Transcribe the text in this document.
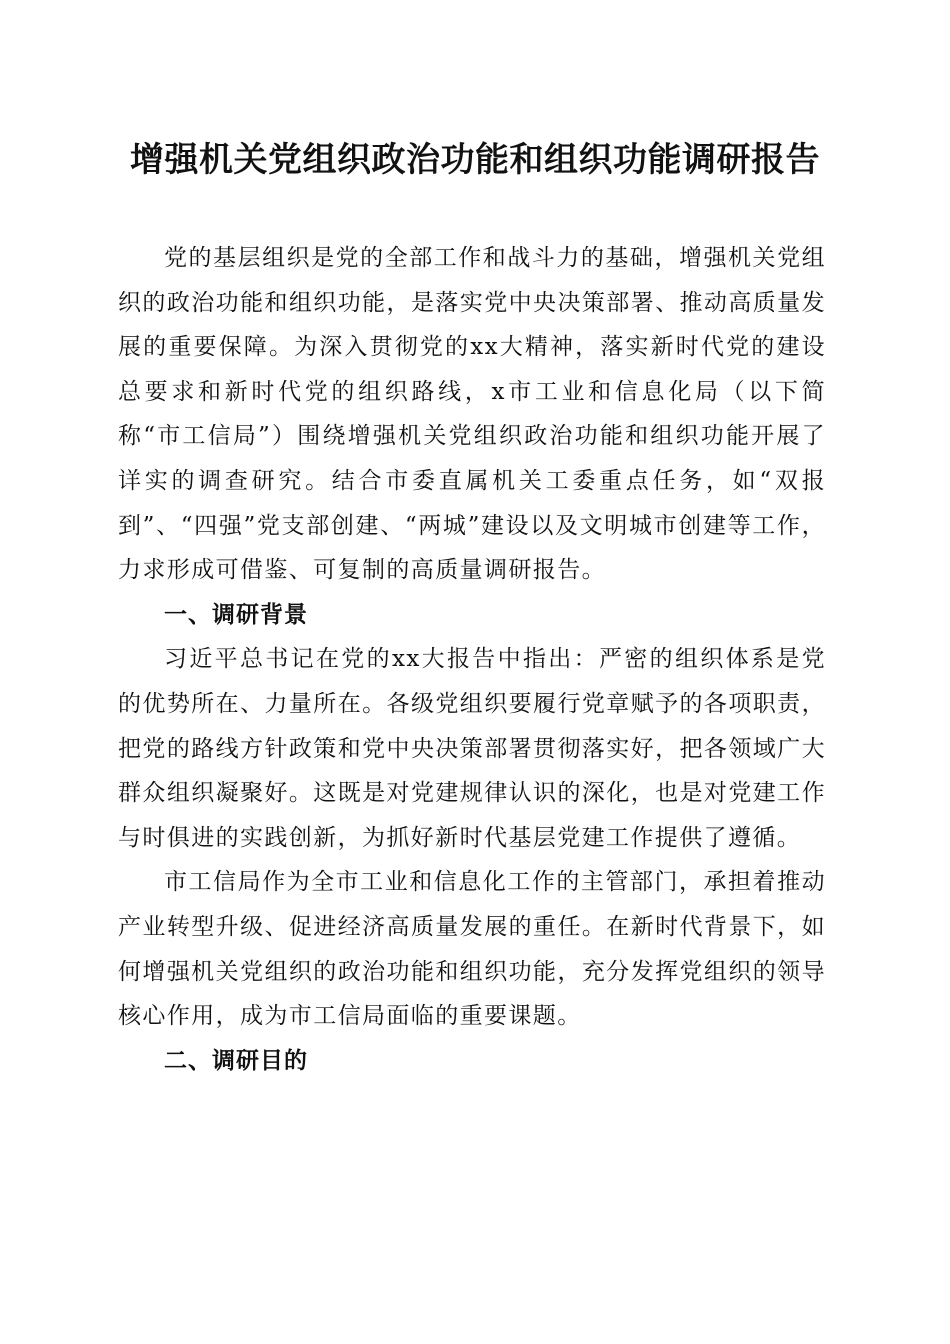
增强机关党组织政治功能和组织功能调研报告

党的基层组织是党的全部工作和战斗力的基础，增强机关党组织的政治功能和组织功能，是落实党中央决策部署、推动高质量发展的重要保障。为深入贯彻党的xx大精神，落实新时代党的建设总要求和新时代党的组织路线，x市工业和信息化局（以下简称“市工信局”）围绕增强机关党组织政治功能和组织功能开展了详实的调查研究。结合市委直属机关工委重点任务，如“双报到”、“四强”党支部创建、“两城”建设以及文明城市创建等工作，力求形成可借鉴、可复制的高质量调研报告。

一、调研背景

习近平总书记在党的xx大报告中指出：严密的组织体系是党的优势所在、力量所在。各级党组织要履行党章赋予的各项职责，把党的路线方针政策和党中央决策部署贯彻落实好，把各领域广大群众组织凝聚好。这既是对党建规律认识的深化，也是对党建工作与时俱进的实践创新，为抓好新时代基层党建工作提供了遵循。

市工信局作为全市工业和信息化工作的主管部门，承担着推动产业转型升级、促进经济高质量发展的重任。在新时代背景下，如何增强机关党组织的政治功能和组织功能，充分发挥党组织的领导核心作用，成为市工信局面临的重要课题。

二、调研目的
